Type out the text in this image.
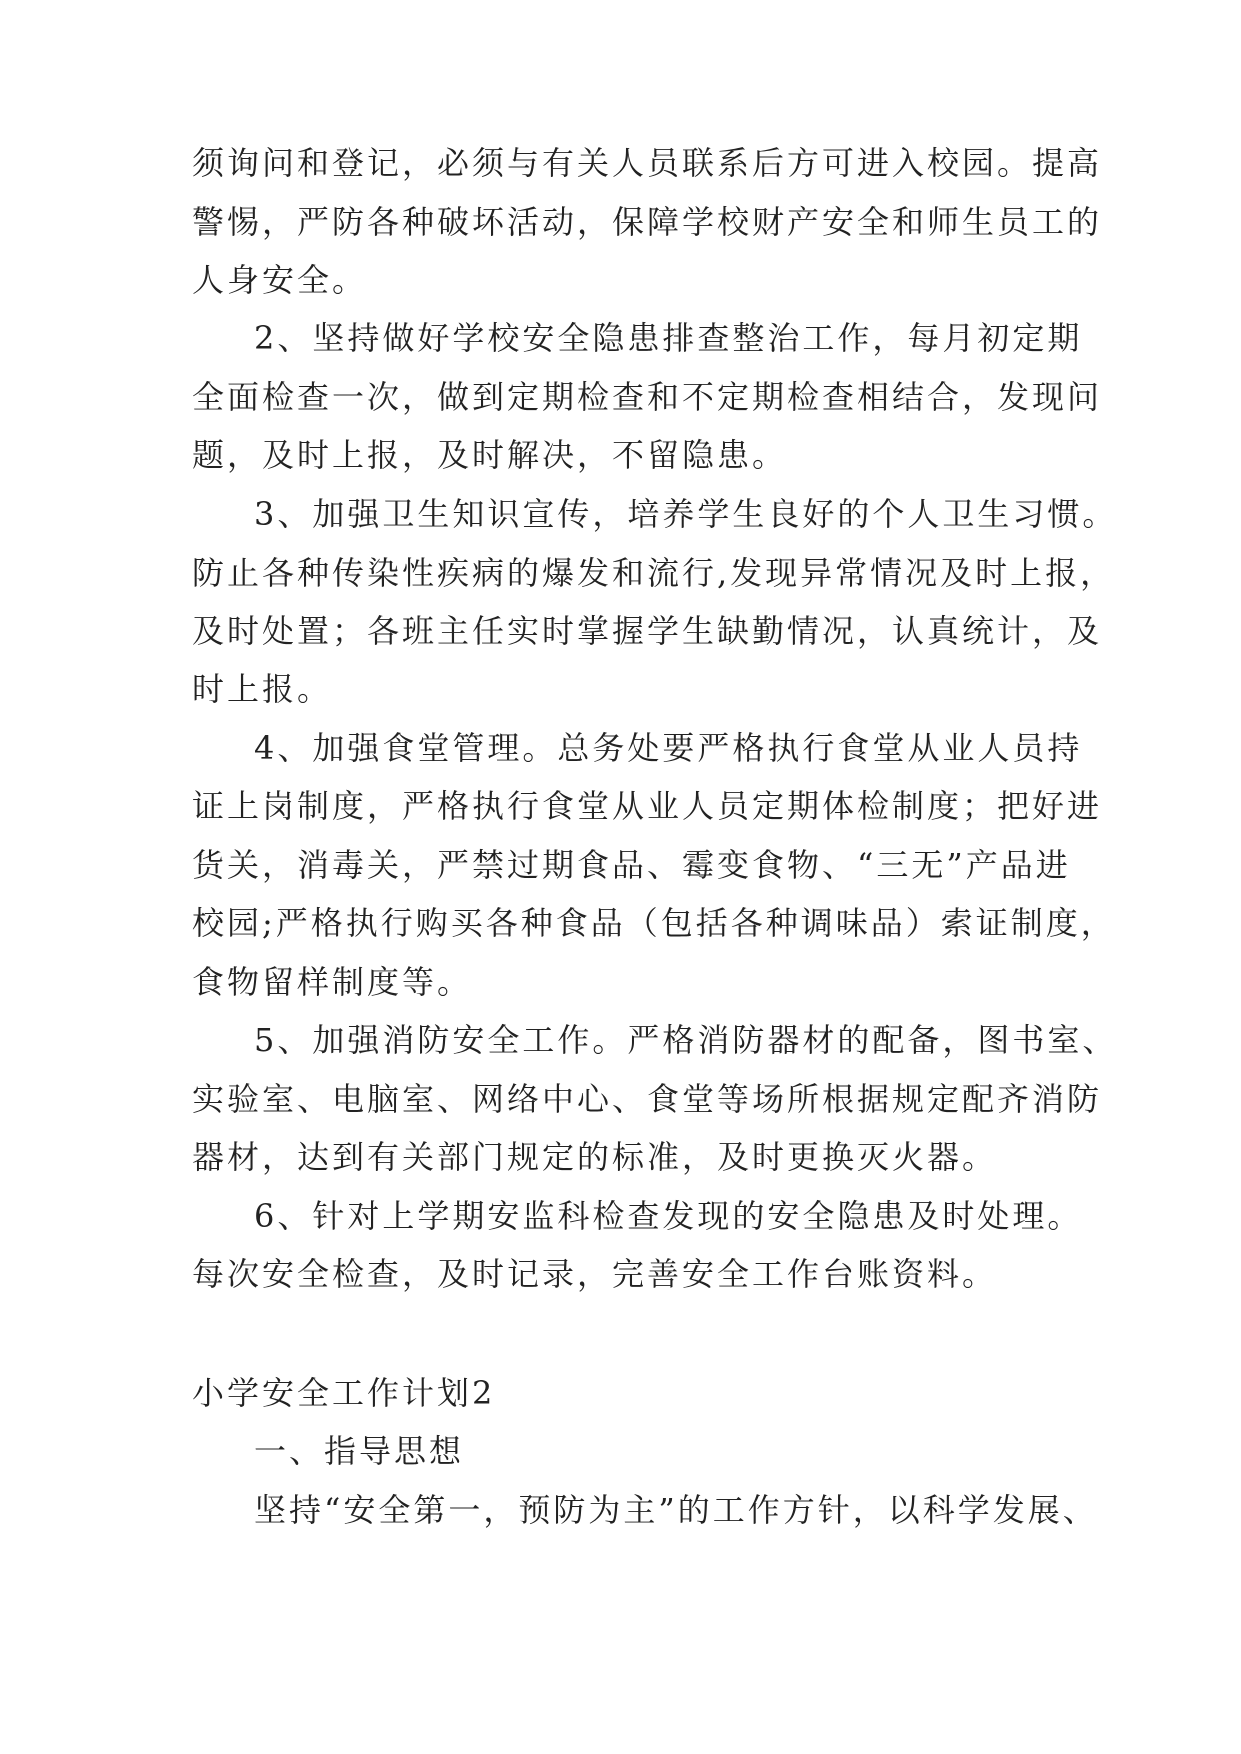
须询问和登记，必须与有关人员联系后方可进入校园。提高
警惕，严防各种破坏活动，保障学校财产安全和师生员工的
人身安全。
2、坚持做好学校安全隐患排查整治工作，每月初定期
全面检查一次，做到定期检查和不定期检查相结合，发现问
题，及时上报，及时解决，不留隐患。
3、加强卫生知识宣传，培养学生良好的个人卫生习惯。
防止各种传染性疾病的爆发和流行,发现异常情况及时上报，
及时处置；各班主任实时掌握学生缺勤情况，认真统计，及
时上报。
4、加强食堂管理。总务处要严格执行食堂从业人员持
证上岗制度，严格执行食堂从业人员定期体检制度；把好进
货关，消毒关，严禁过期食品、霉变食物、“三无”产品进
校园;严格执行购买各种食品（包括各种调味品）索证制度，
食物留样制度等。
5、加强消防安全工作。严格消防器材的配备，图书室、
实验室、电脑室、网络中心、食堂等场所根据规定配齐消防
器材，达到有关部门规定的标准，及时更换灭火器。
6、针对上学期安监科检查发现的安全隐患及时处理。
每次安全检查，及时记录，完善安全工作台账资料。
小学安全工作计划2
一、指导思想
坚持“安全第一，预防为主”的工作方针，以科学发展、
